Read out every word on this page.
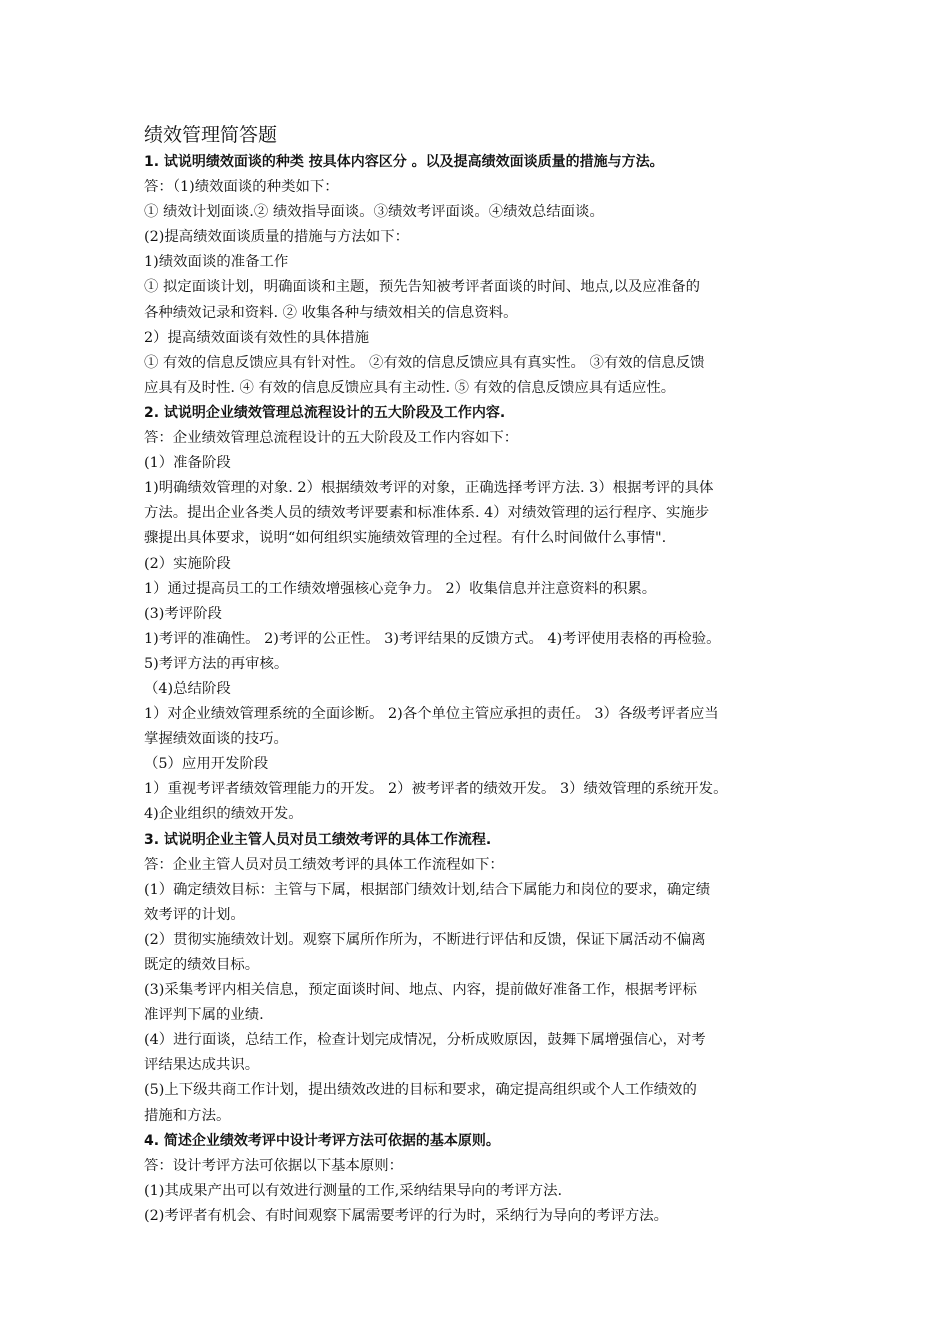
绩效管理简答题
1. 试说明绩效面谈的种类 按具体内容区分 。以及提高绩效面谈质量的措施与方法。
答：（1)绩效面谈的种类如下：
① 绩效计划面谈.② 绩效指导面谈。③绩效考评面谈。④绩效总结面谈。
(2)提高绩效面谈质量的措施与方法如下：
1)绩效面谈的准备工作
① 拟定面谈计划，明确面谈和主题，预先告知被考评者面谈的时间、地点,以及应准备的
各种绩效记录和资料. ② 收集各种与绩效相关的信息资料。
2）提高绩效面谈有效性的具体措施
① 有效的信息反馈应具有针对性。 ②有效的信息反馈应具有真实性。 ③有效的信息反馈
应具有及时性. ④ 有效的信息反馈应具有主动性. ⑤ 有效的信息反馈应具有适应性。
2. 试说明企业绩效管理总流程设计的五大阶段及工作内容.
答：企业绩效管理总流程设计的五大阶段及工作内容如下：
(1）准备阶段
1)明确绩效管理的对象. 2）根据绩效考评的对象，正确选择考评方法. 3）根据考评的具体
方法。提出企业各类人员的绩效考评要素和标准体系. 4）对绩效管理的运行程序、实施步
骤提出具体要求，说明“如何组织实施绩效管理的全过程。有什么时间做什么事情".
(2）实施阶段
1）通过提高员工的工作绩效增强核心竞争力。 2）收集信息并注意资料的积累。
(3)考评阶段
1)考评的准确性。 2)考评的公正性。 3)考评结果的反馈方式。 4)考评使用表格的再检验。
5)考评方法的再审核。
（4)总结阶段
1）对企业绩效管理系统的全面诊断。 2)各个单位主管应承担的责任。 3）各级考评者应当
掌握绩效面谈的技巧。
（5）应用开发阶段
1）重视考评者绩效管理能力的开发。 2）被考评者的绩效开发。 3）绩效管理的系统开发。
4)企业组织的绩效开发。
3. 试说明企业主管人员对员工绩效考评的具体工作流程.
答：企业主管人员对员工绩效考评的具体工作流程如下：
(1）确定绩效目标：主管与下属，根据部门绩效计划,结合下属能力和岗位的要求，确定绩
效考评的计划。
(2）贯彻实施绩效计划。观察下属所作所为，不断进行评估和反馈，保证下属活动不偏离
既定的绩效目标。
(3)采集考评内相关信息，预定面谈时间、地点、内容，提前做好准备工作，根据考评标
准评判下属的业绩.
(4）进行面谈，总结工作，检查计划完成情况，分析成败原因，鼓舞下属增强信心，对考
评结果达成共识。
(5)上下级共商工作计划，提出绩效改进的目标和要求，确定提高组织或个人工作绩效的
措施和方法。
4. 简述企业绩效考评中设计考评方法可依据的基本原则。
答：设计考评方法可依据以下基本原则：
(1)其成果产出可以有效进行测量的工作,采纳结果导向的考评方法.
(2)考评者有机会、有时间观察下属需要考评的行为时，采纳行为导向的考评方法。
